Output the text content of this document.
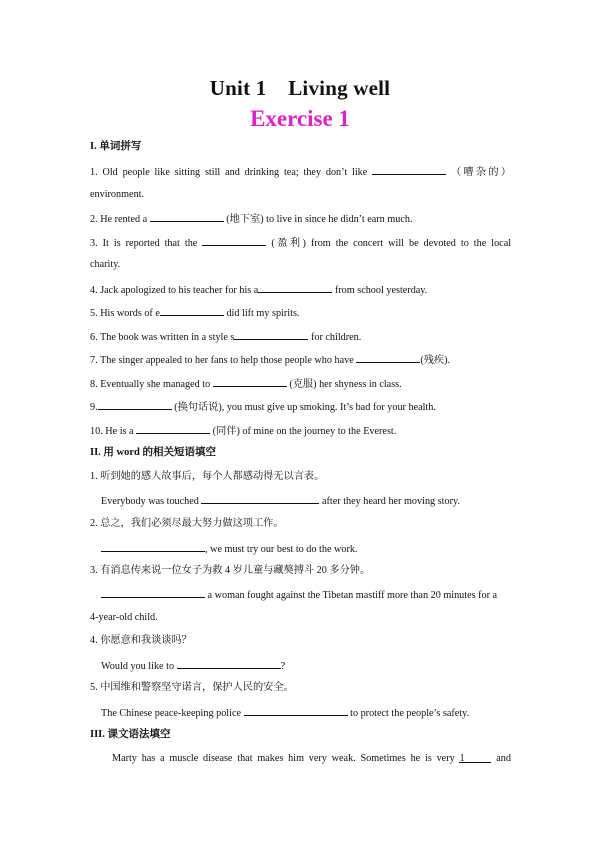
Unit 1    Living well
Exercise 1
I. 单词拼写
1. Old people like sitting still and drinking tea; they don’t like	（嘈杂的）
environment.
2. He rented a	(地下室) to live in since he didn’t earn much.
3. It is reported that the	(盈利) from the concert will be devoted to the local
charity.
4. Jack apologized to his teacher for his a	from school yesterday.
5. His words of e	did lift my spirits.
6. The book was written in a style s	for children.
7. The singer appealed to her fans to help those people who have	(残疾).
8. Eventually she managed to	(克服) her shyness in class.
9.	(换句话说), you must give up smoking. It’s bad for your health.
10. He is a	(同伴) of mine on the journey to the Everest.
II. 用 word 的相关短语填空
1. 听到她的感人故事后，每个人都感动得无以言表。
Everybody was touched	after they heard her moving story.
2. 总之，我们必须尽最大努力做这项工作。
, we must try our best to do the work.
3. 有消息传来说一位女子为救 4 岁儿童与藏獒搏斗 20 多分钟。
a woman fought against the Tibetan mastiff more than 20 minutes for a
4-year-old child.
4. 你愿意和我谈谈吗？
Would you like to	?
5. 中国维和警察坚守诺言，保护人民的安全。
The Chinese peace-keeping police	to protect the people’s safety.
III. 课文语法填空
Marty has a muscle disease that makes him very weak. Sometimes he is very 1	and
